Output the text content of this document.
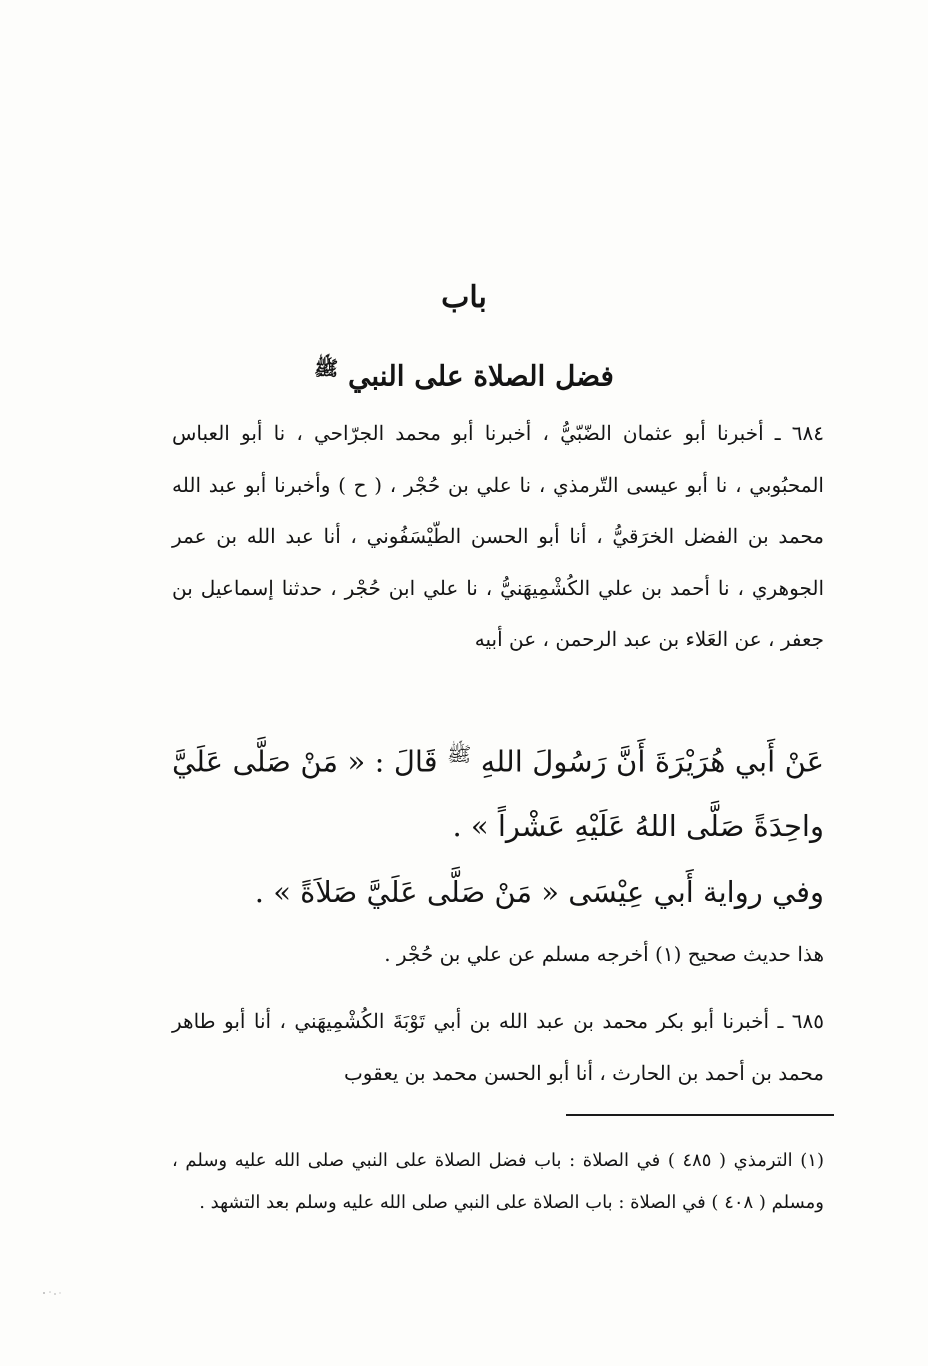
باب
فضل الصلاة على النبي $^ﷺ$
٦٨٤ ـ أخبرنا أبو عثمان الضّبّيُّ ، أخبرنا أبو محمد الجرّاحي ، نا أبو العباس المحبُوبي ، نا أبو عيسى التّرمذي ، نا علي بن حُجْر ، ( ح ) وأخبرنا أبو عبد الله محمد بن الفضل الخرَقيُّ ، أنا أبو الحسن الطّيْسَفُوني ، أنا عبد الله بن عمر الجوهري ، نا أحمد بن علي الكُشْمِيهَنيُّ ، نا علي ابن حُجْر ، حدثنا إسماعيل بن جعفر ، عن العَلاء بن عبد الرحمن ، عن أبيه
عَنْ أَبي هُرَيْرَةَ أَنَّ رَسُولَ اللهِ $^ﷺ$ قَالَ : « مَنْ صَلَّى عَلَيَّ واحِدَةً صَلَّى اللهُ عَلَيْهِ عَشْراً » .
وفي رواية أَبي عِيْسَى « مَنْ صَلَّى عَلَيَّ صَلاَةً » .
هذا حديث صحيح (١) أخرجه مسلم عن علي بن حُجْر .
٦٨٥ ـ أخبرنا أبو بكر محمد بن عبد الله بن أبي تَوْبَةَ الكُشْمِيهَني ، أنا أبو طاهر محمد بن أحمد بن الحارث ، أنا أبو الحسن محمد بن يعقوب
(١) الترمذي ( ٤٨٥ ) في الصلاة : باب فضل الصلاة على النبي صلى الله عليه وسلم ، ومسلم ( ٤٠٨ ) في الصلاة : باب الصلاة على النبي صلى الله عليه وسلم بعد التشهد .
